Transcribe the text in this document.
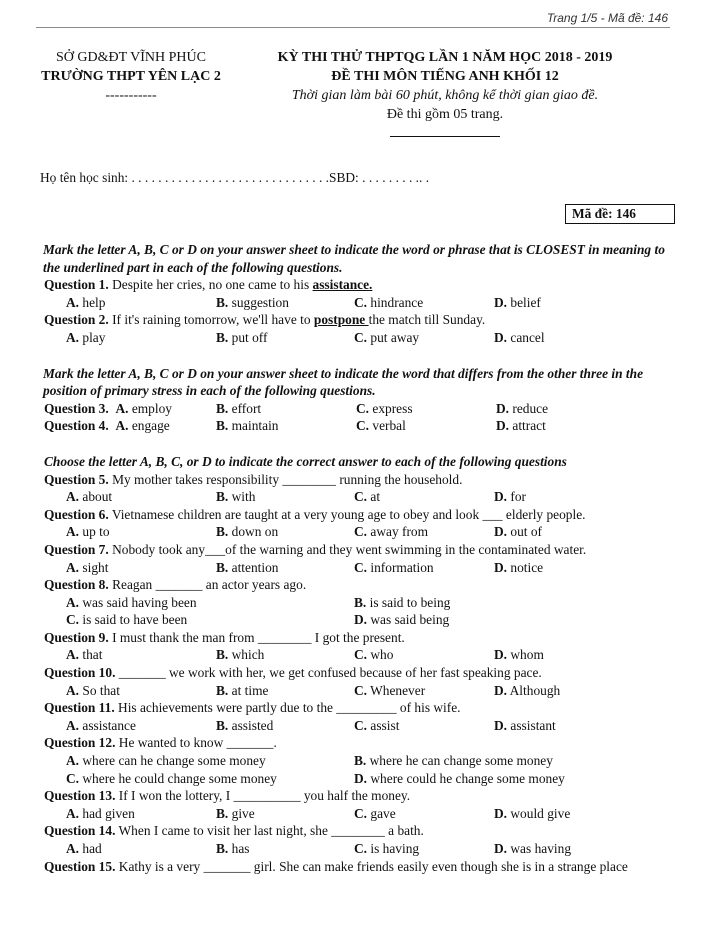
Trang 1/5 - Mã đề: 146
SỞ GD&ĐT VĨNH PHÚC
TRƯỜNG THPT YÊN LẠC 2
-----------
KỲ THI THỬ THPTQG LẦN 1 NĂM HỌC 2018 - 2019
ĐỀ THI MÔN TIẾNG ANH KHỐI 12
Thời gian làm bài 60 phút, không kể thời gian giao đề.
Đề thi gồm 05 trang.
Họ tên học sinh: . . . . . . . . . . . . . . . . . . . . . . . . . . . . . .SBD: . . . . . . . . .. .
Mã đề: 146
Mark the letter A, B, C or D on your answer sheet to indicate the word or phrase that is CLOSEST in meaning to the underlined part in each of the following questions.
Question 1. Despite her cries, no one came to his assistance.
A. help	B. suggestion	C. hindrance	D. belief
Question 2. If it's raining tomorrow, we'll have to postpone the match till Sunday.
A. play	B. put off	C. put away	D. cancel
Mark the letter A, B, C or D on your answer sheet to indicate the word that differs from the other three in the position of primary stress in each of the following questions.
Question 3. A. employ	B. effort	C. express	D. reduce
Question 4. A. engage	B. maintain	C. verbal	D. attract
Choose the letter A, B, C, or D to indicate the correct answer to each of the following questions
Question 5. My mother takes responsibility ________ running the household.
A. about	B. with	C. at	D. for
Question 6. Vietnamese children are taught at a very young age to obey and look ___ elderly people.
A. up to	B. down on	C. away from	D. out of
Question 7. Nobody took any___of the warning and they went swimming in the contaminated water.
A. sight	B. attention	C. information	D. notice
Question 8. Reagan _______ an actor years ago.
A. was said having been	B. is said to being
C. is said to have been	D. was said being
Question 9. I must thank the man from ________ I got the present.
A. that	B. which	C. who	D. whom
Question 10. _______ we work with her, we get confused because of her fast speaking pace.
A. So that	B. at time	C. Whenever	D. Although
Question 11. His achievements were partly due to the _________ of his wife.
A. assistance	B. assisted	C. assist	D. assistant
Question 12. He wanted to know _______.
A. where can he change some money	B. where he can change some money
C. where he could change some money	D. where could he change some money
Question 13. If I won the lottery, I __________ you half the money.
A. had given	B. give	C. gave	D. would give
Question 14. When I came to visit her last night, she ________ a bath.
A. had	B. has	C. is having	D. was having
Question 15. Kathy is a very _______ girl. She can make friends easily even though she is in a strange place
